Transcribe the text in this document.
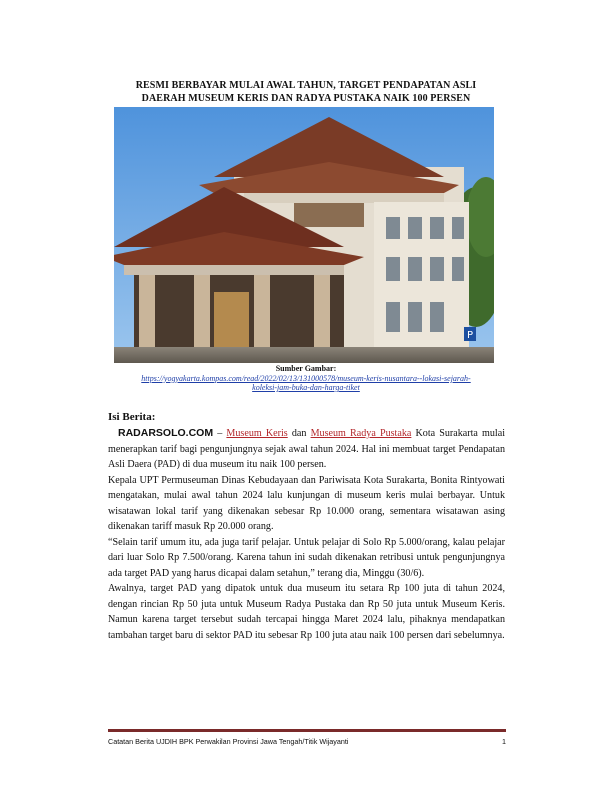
RESMI BERBAYAR MULAI AWAL TAHUN, TARGET PENDAPATAN ASLI
DAERAH MUSEUM KERIS DAN RADYA PUSTAKA NAIK 100 PERSEN
P
Sumber Gambar:
https://yogyakarta.kompas.com/read/2022/02/13/131000578/museum-keris-nusantara--lokasi-sejarah-
koleksi-jam-buka-dan-harga-tiket
Isi Berita:

RADARSOLO.COM – Museum Keris dan Museum Radya Pustaka Kota Surakarta mulai menerapkan tarif bagi pengunjungnya sejak awal tahun 2024. Hal ini membuat target Pendapatan Asli Daera (PAD) di dua museum itu naik 100 persen.

Kepala UPT Permuseuman Dinas Kebudayaan dan Pariwisata Kota Surakarta, Bonita Rintyowati mengatakan, mulai awal tahun 2024 lalu kunjungan di museum keris mulai berbayar. Untuk wisatawan lokal tarif yang dikenakan sebesar Rp 10.000 orang, sementara wisatawan asing dikenakan tariff masuk Rp 20.000 orang.

“Selain tarif umum itu, ada juga tarif pelajar. Untuk pelajar di Solo Rp 5.000/orang, kalau pelajar dari luar Solo Rp 7.500/orang. Karena tahun ini sudah dikenakan retribusi untuk pengunjungnya ada target PAD yang harus dicapai dalam setahun,” terang dia, Minggu (30/6).

Awalnya, target PAD yang dipatok untuk dua museum itu setara Rp 100 juta di tahun 2024, dengan rincian Rp 50 juta untuk Museum Radya Pustaka dan Rp 50 juta untuk Museum Keris. Namun karena target tersebut sudah tercapai hingga Maret 2024 lalu, pihaknya mendapatkan tambahan target baru di sektor PAD itu sebesar Rp 100 juta atau naik 100 persen dari sebelumnya.

Catatan Berita UJDIH BPK Perwakilan Provinsi Jawa Tengah/Titik Wijayanti	1
